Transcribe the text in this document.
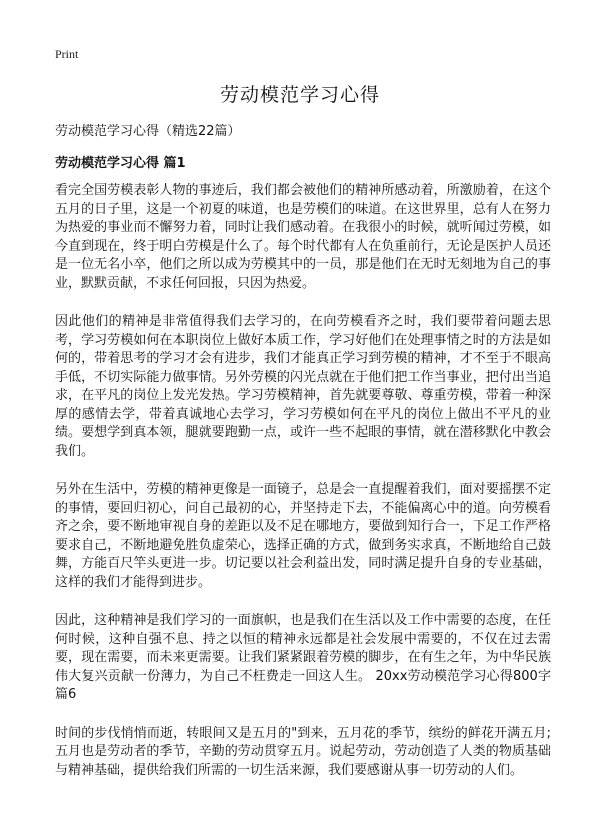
Print
劳动模范学习心得

劳动模范学习心得（精选22篇）

劳动模范学习心得 篇1

看完全国劳模表彰人物的事迹后，我们都会被他们的精神所感动着，所激励着，在这个五月的日子里，这是一个初夏的味道，也是劳模们的味道。在这世界里，总有人在努力为热爱的事业而不懈努力着，同时让我们感动着。在我很小的时候，就听闻过劳模，如今直到现在，终于明白劳模是什么了。每个时代都有人在负重前行，无论是医护人员还是一位无名小卒，他们之所以成为劳模其中的一员，那是他们在无时无刻地为自己的事业，默默贡献，不求任何回报，只因为热爱。

因此他们的精神是非常值得我们去学习的，在向劳模看齐之时，我们要带着问题去思考，学习劳模如何在本职岗位上做好本质工作，学习好他们在处理事情之时的方法是如何的，带着思考的学习才会有进步，我们才能真正学习到劳模的精神，才不至于不眼高手低，不切实际能力做事情。另外劳模的闪光点就在于他们把工作当事业，把付出当追求，在平凡的岗位上发光发热。学习劳模精神，首先就要尊敬、尊重劳模，带着一种深厚的感情去学，带着真诚地心去学习，学习劳模如何在平凡的岗位上做出不平凡的业绩。要想学到真本领，腿就要跑勤一点，或许一些不起眼的事情，就在潜移默化中教会我们。

另外在生活中，劳模的精神更像是一面镜子，总是会一直提醒着我们，面对要摇摆不定的事情，要回归初心，问自己最初的心，并坚持走下去，不能偏离心中的道。向劳模看齐之余，要不断地审视自身的差距以及不足在哪地方，要做到知行合一，下足工作严格要求自己，不断地避免胜负虚荣心，选择正确的方式，做到务实求真，不断地给自己鼓舞，方能百尺竿头更进一步。切记要以社会利益出发，同时满足提升自身的专业基础，这样的我们才能得到进步。

因此，这种精神是我们学习的一面旗帜，也是我们在生活以及工作中需要的态度，在任何时候，这种自强不息、持之以恒的精神永远都是社会发展中需要的，不仅在过去需要，现在需要，而未来更需要。让我们紧紧跟着劳模的脚步，在有生之年，为中华民族伟大复兴贡献一份薄力，为自己不枉费走一回这人生。 20xx劳动模范学习心得800字篇6

时间的步伐悄悄而逝，转眼间又是五月的"到来，五月花的季节，缤纷的鲜花开满五月;五月也是劳动者的季节，辛勤的劳动贯穿五月。说起劳动，劳动创造了人类的物质基础与精神基础，提供给我们所需的一切生活来源，我们要感谢从事一切劳动的人们。
